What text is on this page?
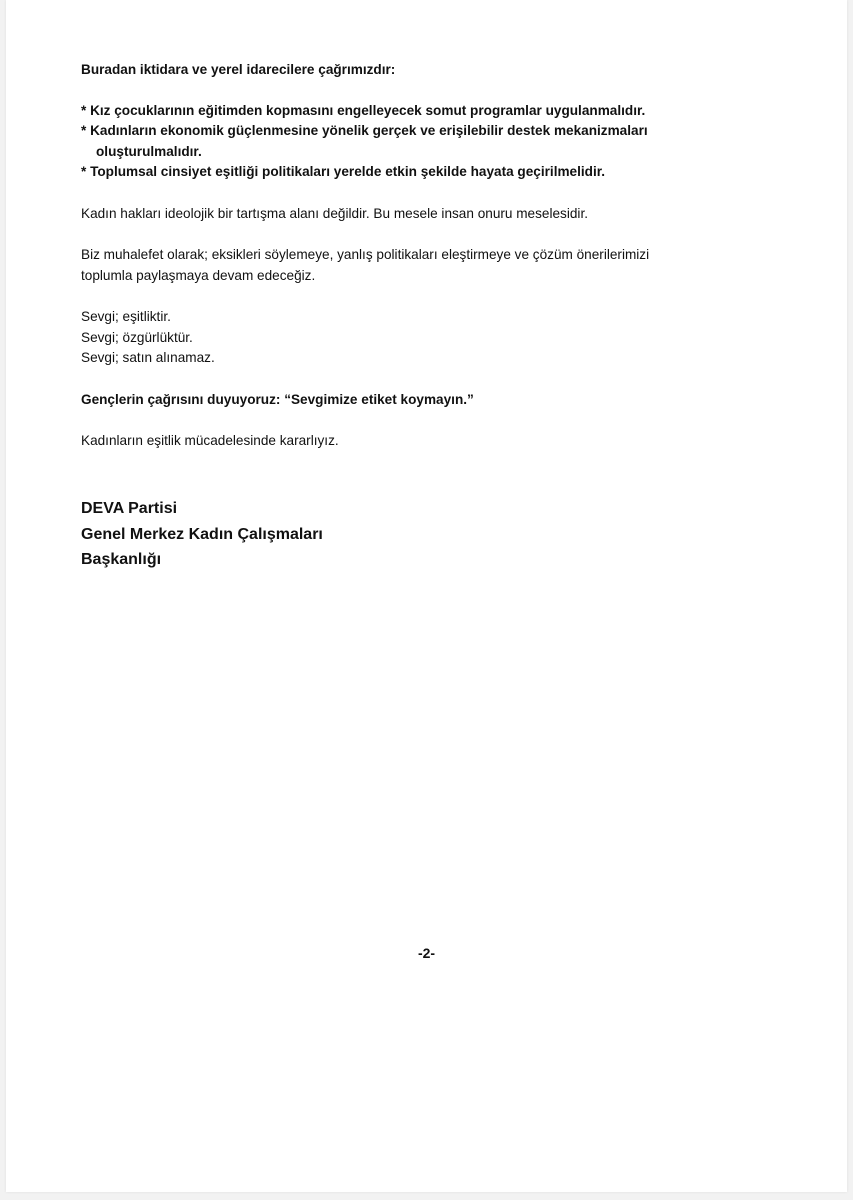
Buradan iktidara ve yerel idarecilere çağrımızdır:

* Kız çocuklarının eğitimden kopmasını engelleyecek somut programlar uygulanmalıdır.

* Kadınların ekonomik güçlenmesine yönelik gerçek ve erişilebilir destek mekanizmaları

oluşturulmalıdır.

* Toplumsal cinsiyet eşitliği politikaları yerelde etkin şekilde hayata geçirilmelidir.

Kadın hakları ideolojik bir tartışma alanı değildir. Bu mesele insan onuru meselesidir.

Biz muhalefet olarak; eksikleri söylemeye, yanlış politikaları eleştirmeye ve çözüm önerilerimizi

toplumla paylaşmaya devam edeceğiz.

Sevgi; eşitliktir.

Sevgi; özgürlüktür.

Sevgi; satın alınamaz.

Gençlerin çağrısını duyuyoruz: “Sevgimize etiket koymayın.”

Kadınların eşitlik mücadelesinde kararlıyız.

DEVA Partisi
Genel Merkez Kadın Çalışmaları
Başkanlığı
-2-
